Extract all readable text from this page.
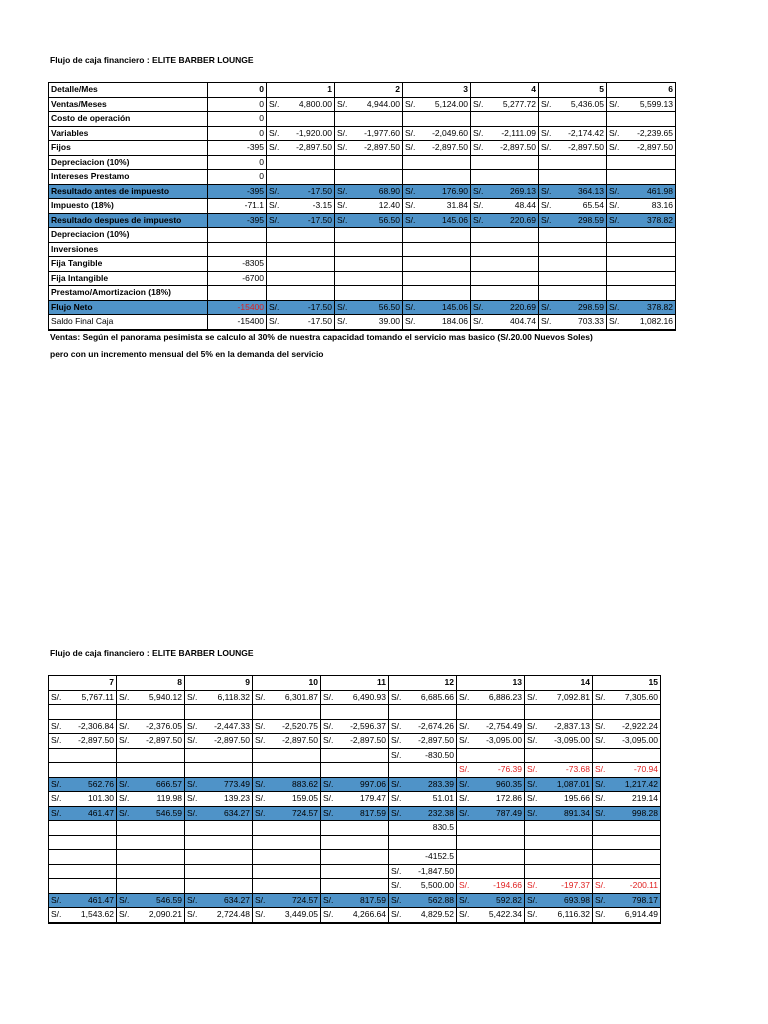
Flujo de caja financiero : ELITE BARBER LOUNGE
Detalle/Mes	0	1	2	3	4	5	6
Ventas/Meses	0	S/. 4,800.00	S/. 4,944.00	S/. 5,124.00	S/. 5,277.72	S/. 5,436.05	S/. 5,599.13

Costo de operación	0						
Variables	0	S/. -1,920.00	S/. -1,977.60	S/. -2,049.60	S/. -2,111.09	S/. -2,174.42	S/. -2,239.65

Fijos	-395	S/. -2,897.50	S/. -2,897.50	S/. -2,897.50	S/. -2,897.50	S/. -2,897.50	S/. -2,897.50

Depreciacion (10%)	0						
Intereses Prestamo	0						
Resultado antes de impuesto	-395	S/. -17.50	S/. 68.90	S/. 176.90	S/. 269.13	S/. 364.13	S/. 461.98

Impuesto (18%)	-71.1	S/. -3.15	S/. 12.40	S/. 31.84	S/. 48.44	S/. 65.54	S/. 83.16

Resultado despues de impuesto	-395	S/. -17.50	S/. 56.50	S/. 145.06	S/. 220.69	S/. 298.59	S/. 378.82

Depreciacion (10%)							
Inversiones							
Fija Tangible	-8305						
Fija Intangible	-6700						
Prestamo/Amortizacion (18%)							
Flujo Neto	-15400	S/. -17.50	S/. 56.50	S/. 145.06	S/. 220.69	S/. 298.59	S/. 378.82

Saldo Final Caja	-15400	S/. -17.50	S/. 39.00	S/. 184.06	S/. 404.74	S/. 703.33	S/. 1,082.16
Ventas: Según el panorama pesimista se calculo al 30% de nuestra capacidad tomando el servicio mas basico (S/.20.00 Nuevos Soles)
pero con un incremento mensual del 5% en la demanda del servicio
Flujo de caja financiero : ELITE BARBER LOUNGE
7	8	9	10	11	12	13	14	15

S/. 5,767.11	S/. 5,940.12	S/. 6,118.32	S/. 6,301.87	S/. 6,490.93	S/. 6,685.66	S/. 6,886.23	S/. 7,092.81	S/. 7,305.60

S/. -2,306.84	S/. -2,376.05	S/. -2,447.33	S/. -2,520.75	S/. -2,596.37	S/. -2,674.26	S/. -2,754.49	S/. -2,837.13	S/. -2,922.24

S/. -2,897.50	S/. -2,897.50	S/. -2,897.50	S/. -2,897.50	S/. -2,897.50	S/. -2,897.50	S/. -3,095.00	S/. -3,095.00	S/. -3,095.00

					S/. -830.50			

						S/. -76.39	S/. -73.68	S/. -70.94

S/. 562.76	S/. 666.57	S/. 773.49	S/. 883.62	S/. 997.06	S/. 283.39	S/. 960.35	S/. 1,087.01	S/. 1,217.42

S/. 101.30	S/. 119.98	S/. 139.23	S/. 159.05	S/. 179.47	S/. 51.01	S/. 172.86	S/. 195.66	S/. 219.14

S/. 461.47	S/. 546.59	S/. 634.27	S/. 724.57	S/. 817.59	S/. 232.38	S/. 787.49	S/. 891.34	S/. 998.28

					830.5			

					-4152.5			

					S/. -1,847.50			

					S/. 5,500.00	S/. -194.66	S/. -197.37	S/. -200.11

S/. 461.47	S/. 546.59	S/. 634.27	S/. 724.57	S/. 817.59	S/. 562.88	S/. 592.82	S/. 693.98	S/. 798.17

S/. 1,543.62	S/. 2,090.21	S/. 2,724.48	S/. 3,449.05	S/. 4,266.64	S/. 4,829.52	S/. 5,422.34	S/. 6,116.32	S/. 6,914.49
